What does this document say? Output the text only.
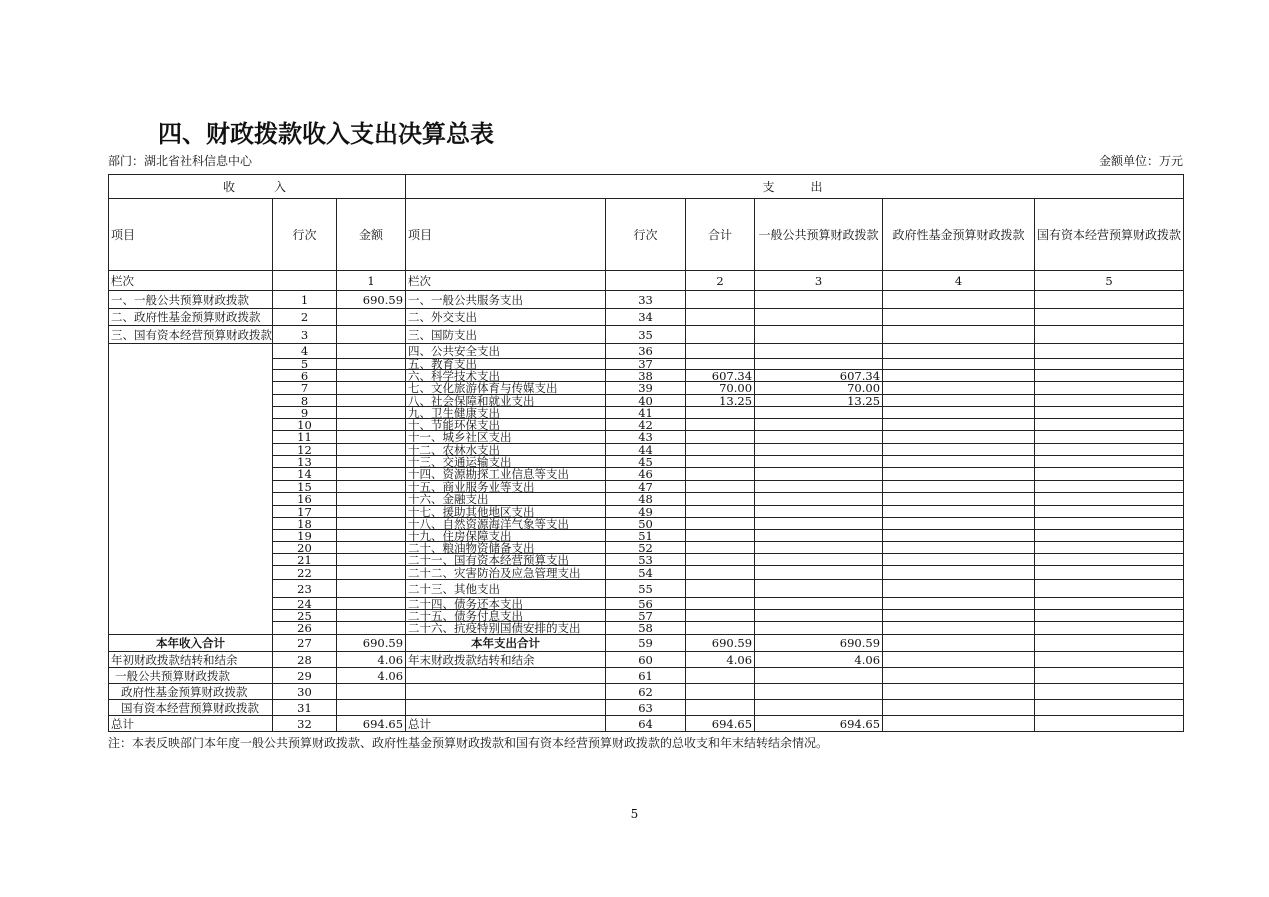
四、财政拨款收入支出决算总表
部门：湖北省社科信息中心	金额单位：万元
收　　入			支　　出					
项目	行次	金额	项目	行次	合计	一般公共预算财政拨款	政府性基金预算财政拨款	国有资本经营预算财政拨款
栏次		1	栏次		2	3	4	5
一、一般公共预算财政拨款	1	690.59	一、一般公共服务支出	33				
二、政府性基金预算财政拨款	2		二、外交支出	34				
三、国有资本经营预算财政拨款	3		三、国防支出	35				
	4		四、公共安全支出	36				
	5		五、教育支出	37				
	6		六、科学技术支出	38	607.34	607.34		
	7		七、文化旅游体育与传媒支出	39	70.00	70.00		
	8		八、社会保障和就业支出	40	13.25	13.25		
	9		九、卫生健康支出	41				
	10		十、节能环保支出	42				
	11		十一、城乡社区支出	43				
	12		十二、农林水支出	44				
	13		十三、交通运输支出	45				
	14		十四、资源勘探工业信息等支出	46				
	15		十五、商业服务业等支出	47				
	16		十六、金融支出	48				
	17		十七、援助其他地区支出	49				
	18		十八、自然资源海洋气象等支出	50				
	19		十九、住房保障支出	51				
	20		二十、粮油物资储备支出	52				
	21		二十一、国有资本经营预算支出	53				
	22		二十二、灾害防治及应急管理支出	54				
	23		二十三、其他支出	55				
	24		二十四、债务还本支出	56				
	25		二十五、债务付息支出	57				
	26		二十六、抗疫特别国债安排的支出	58				
本年收入合计	27	690.59	本年支出合计	59	690.59	690.59		
年初财政拨款结转和结余	28	4.06	年末财政拨款结转和结余	60	4.06	4.06		
一般公共预算财政拨款	29	4.06		61				
政府性基金预算财政拨款	30			62				
国有资本经营预算财政拨款	31			63				
总计	32	694.65	总计	64	694.65	694.65		
注：本表反映部门本年度一般公共预算财政拨款、政府性基金预算财政拨款和国有资本经营预算财政拨款的总收支和年末结转结余情况。
5
